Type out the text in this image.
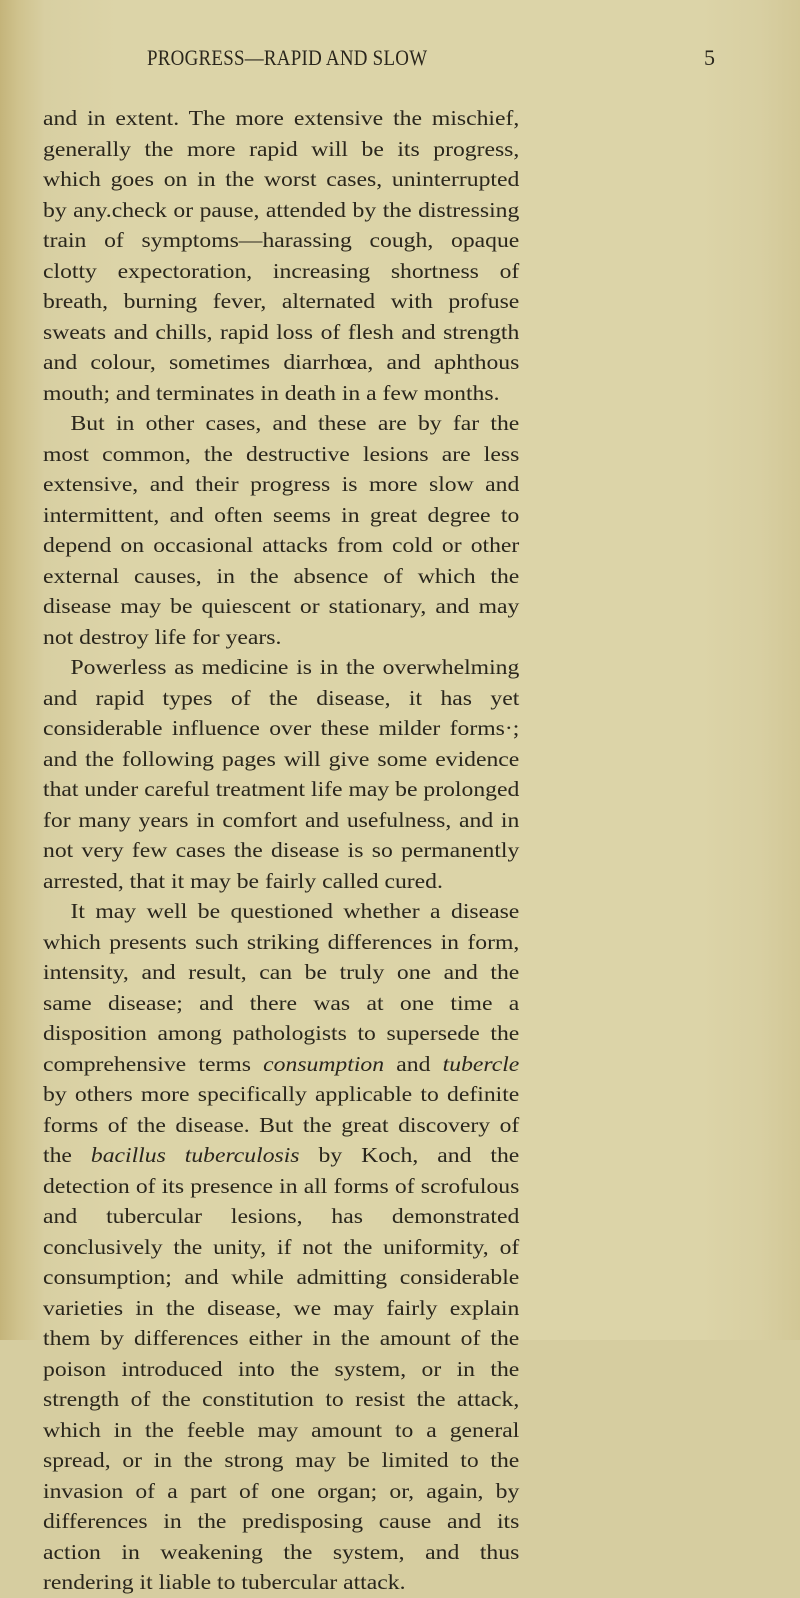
PROGRESS—RAPID AND SLOW	5

and in extent. The more extensive the mischief, generally the more rapid will be its progress, which goes on in the worst cases, uninterrupted by any.check or pause, attended by the distressing train of symptoms—harassing cough, opaque clotty expectoration, increasing shortness of breath, burning fever, alternated with profuse sweats and chills, rapid loss of flesh and strength and colour, sometimes diarrhœa, and aphthous mouth; and terminates in death in a few months.

But in other cases, and these are by far the most common, the destructive lesions are less extensive, and their progress is more slow and intermittent, and often seems in great degree to depend on occasional attacks from cold or other external causes, in the absence of which the disease may be quiescent or stationary, and may not destroy life for years.

Powerless as medicine is in the overwhelming and rapid types of the disease, it has yet considerable influence over these milder forms·; and the following pages will give some evidence that under careful treatment life may be prolonged for many years in comfort and usefulness, and in not very few cases the disease is so permanently arrested, that it may be fairly called cured.

It may well be questioned whether a disease which presents such striking differences in form, intensity, and result, can be truly one and the same disease; and there was at one time a disposition among pathologists to supersede the comprehensive terms consumption and tubercle by others more specifically applicable to definite forms of the disease. But the great discovery of the bacillus tuberculosis by Koch, and the detection of its presence in all forms of scrofulous and tubercular lesions, has demonstrated conclusively the unity, if not the uniformity, of consumption; and while admitting considerable varieties in the disease, we may fairly explain them by differences either in the amount of the poison introduced into the system, or in the strength of the constitution to resist the attack, which in the feeble may amount to a general spread, or in the strong may be limited to the invasion of a part of one organ; or, again, by differences in the predisposing cause and its action in weakening the system, and thus rendering it liable to tubercular attack.
